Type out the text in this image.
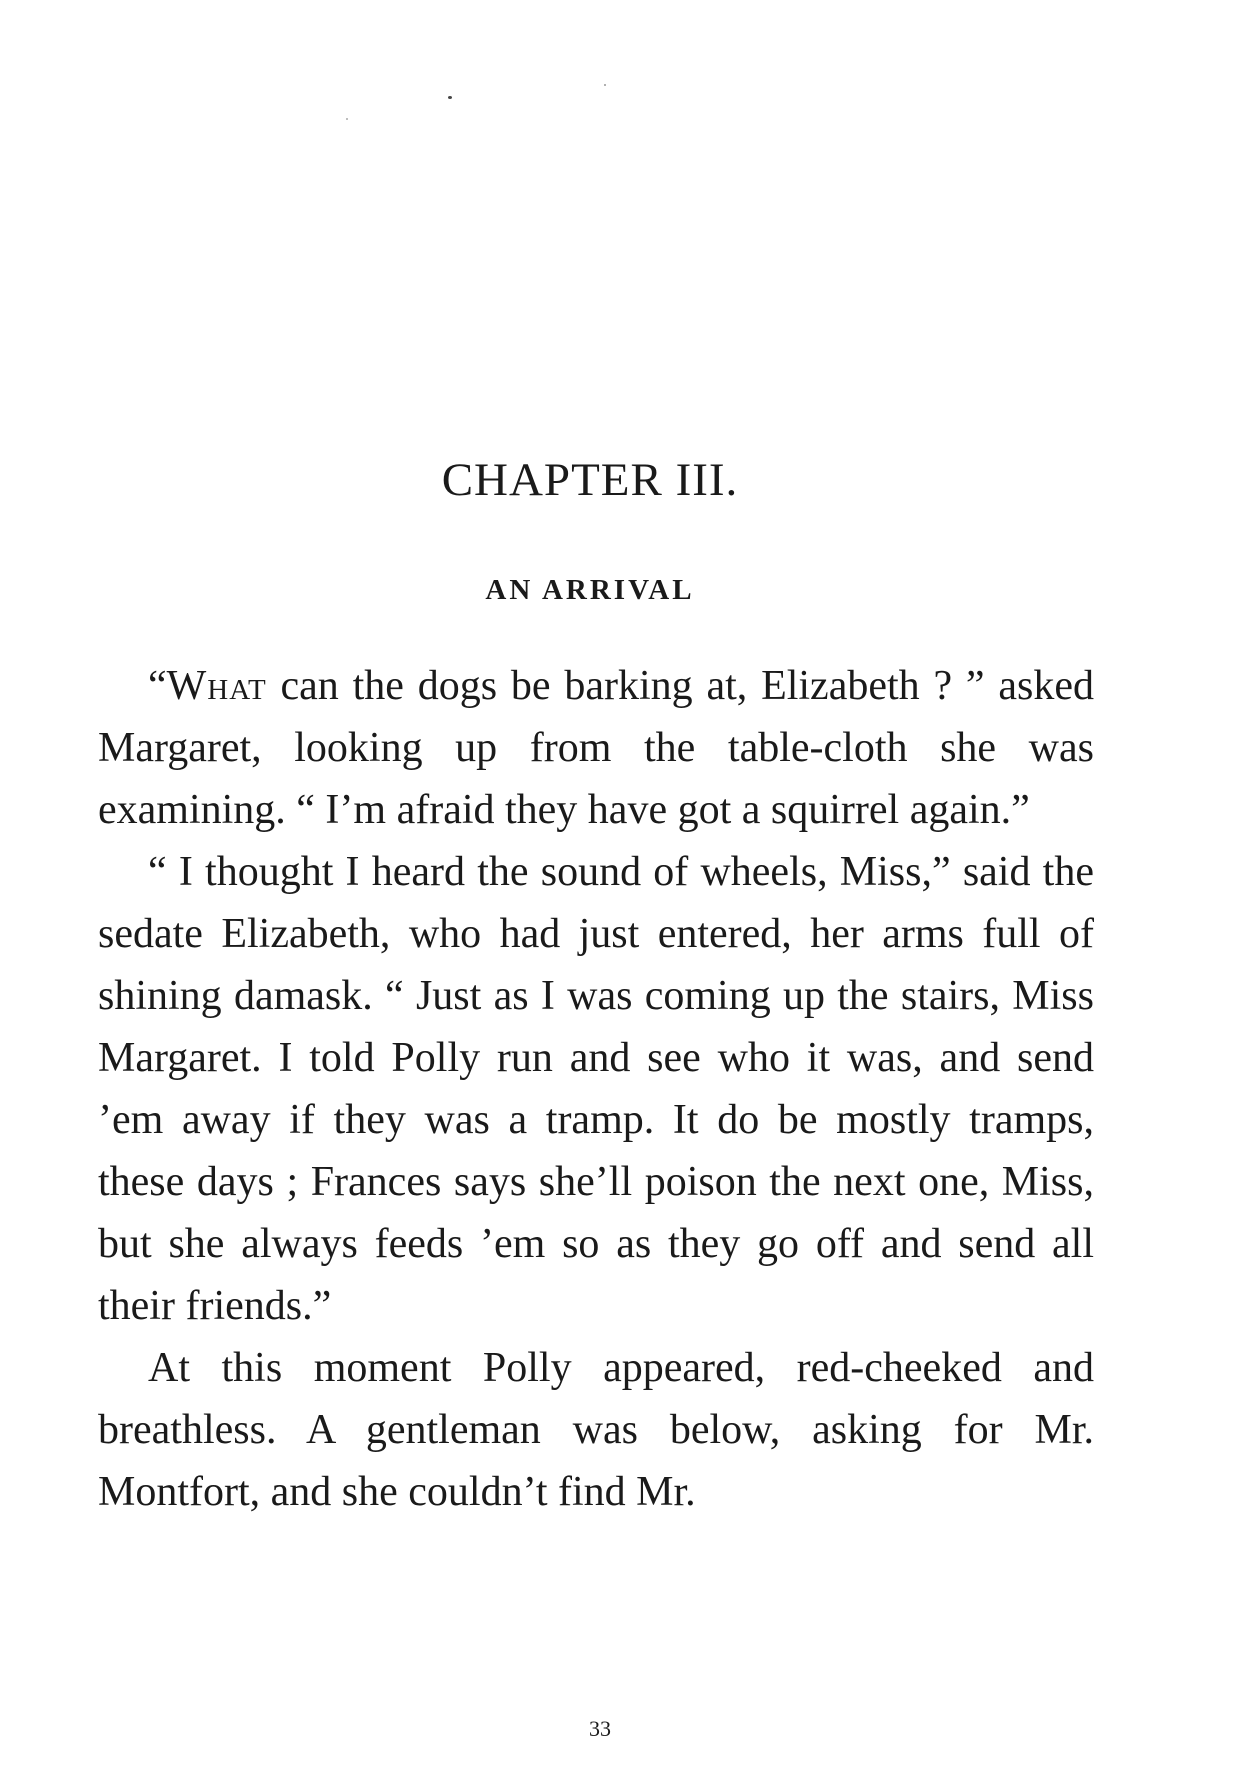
CHAPTER III.
AN ARRIVAL

“What can the dogs be barking at, Elizabeth ? ” asked Margaret, looking up from the table-cloth she was examining. “ I’m afraid they have got a squirrel again.”

“ I thought I heard the sound of wheels, Miss,” said the sedate Elizabeth, who had just entered, her arms full of shining damask. “ Just as I was coming up the stairs, Miss Margaret. I told Polly run and see who it was, and send ’em away if they was a tramp. It do be mostly tramps, these days ; Frances says she’ll poison the next one, Miss, but she always feeds ’em so as they go off and send all their friends.”

At this moment Polly appeared, red-cheeked and breathless. A gentleman was below, asking for Mr. Montfort, and she couldn’t find Mr.

33
